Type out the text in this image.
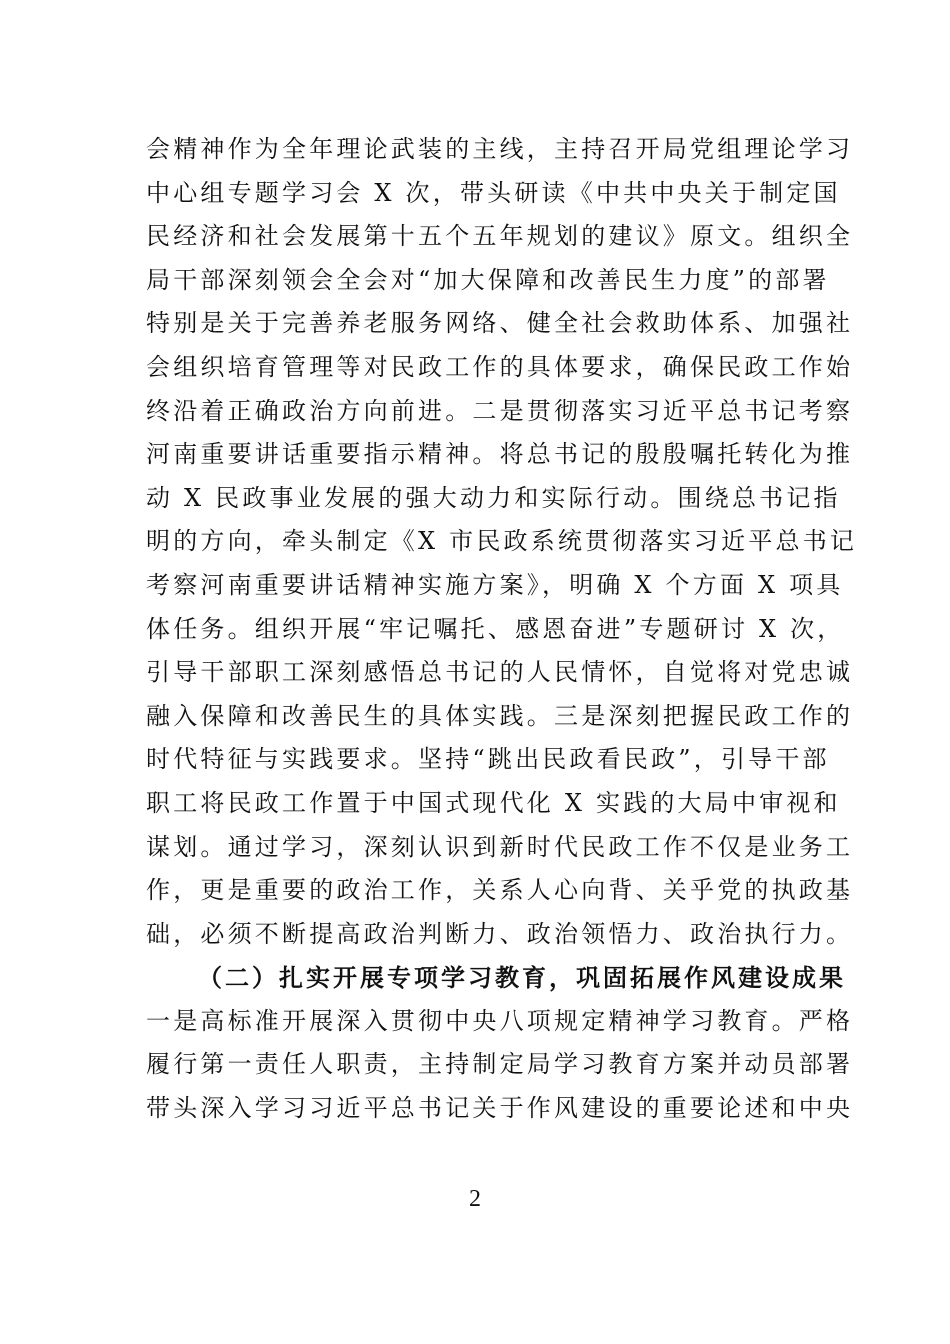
会精神作为全年理论武装的主线，主持召开局党组理论学习
中心组专题学习会 X 次，带头研读《中共中央关于制定国
民经济和社会发展第十五个五年规划的建议》原文。组织全
局干部深刻领会全会对“加大保障和改善民生力度”的部署
特别是关于完善养老服务网络、健全社会救助体系、加强社
会组织培育管理等对民政工作的具体要求，确保民政工作始
终沿着正确政治方向前进。二是贯彻落实习近平总书记考察
河南重要讲话重要指示精神。将总书记的殷殷嘱托转化为推
动 X 民政事业发展的强大动力和实际行动。围绕总书记指
明的方向，牵头制定《X 市民政系统贯彻落实习近平总书记
考察河南重要讲话精神实施方案》，明确 X 个方面 X 项具
体任务。组织开展“牢记嘱托、感恩奋进”专题研讨 X 次，
引导干部职工深刻感悟总书记的人民情怀，自觉将对党忠诚
融入保障和改善民生的具体实践。三是深刻把握民政工作的
时代特征与实践要求。坚持“跳出民政看民政”，引导干部
职工将民政工作置于中国式现代化 X 实践的大局中审视和
谋划。通过学习，深刻认识到新时代民政工作不仅是业务工
作，更是重要的政治工作，关系人心向背、关乎党的执政基
础，必须不断提高政治判断力、政治领悟力、政治执行力。
（二）扎实开展专项学习教育，巩固拓展作风建设成果
一是高标准开展深入贯彻中央八项规定精神学习教育。严格
履行第一责任人职责，主持制定局学习教育方案并动员部署
带头深入学习习近平总书记关于作风建设的重要论述和中央
2
